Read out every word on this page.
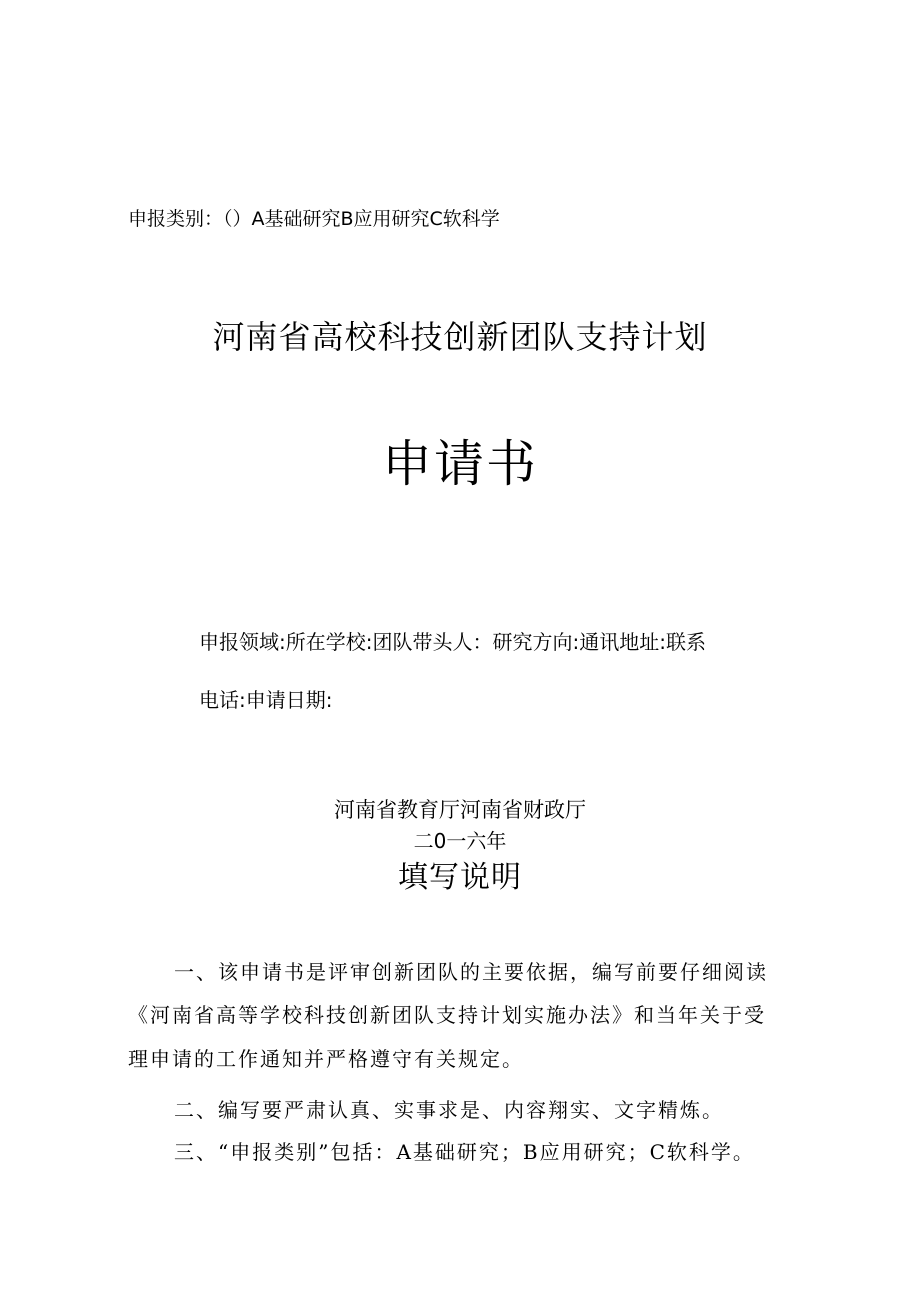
申报类别：（）A基础研究B应用研究C软科学
河南省高校科技创新团队支持计划
申请书
申报领域:所在学校:团队带头人：研究方向:通讯地址:联系
电话:申请日期:
河南省教育厅河南省财政厅
二0一六年
填写说明
一、该申请书是评审创新团队的主要依据，编写前要仔细阅读
《河南省高等学校科技创新团队支持计划实施办法》和当年关于受
理申请的工作通知并严格遵守有关规定。
二、编写要严肃认真、实事求是、内容翔实、文字精炼。
三、“申报类别”包括：A基础研究；B应用研究；C软科学。
